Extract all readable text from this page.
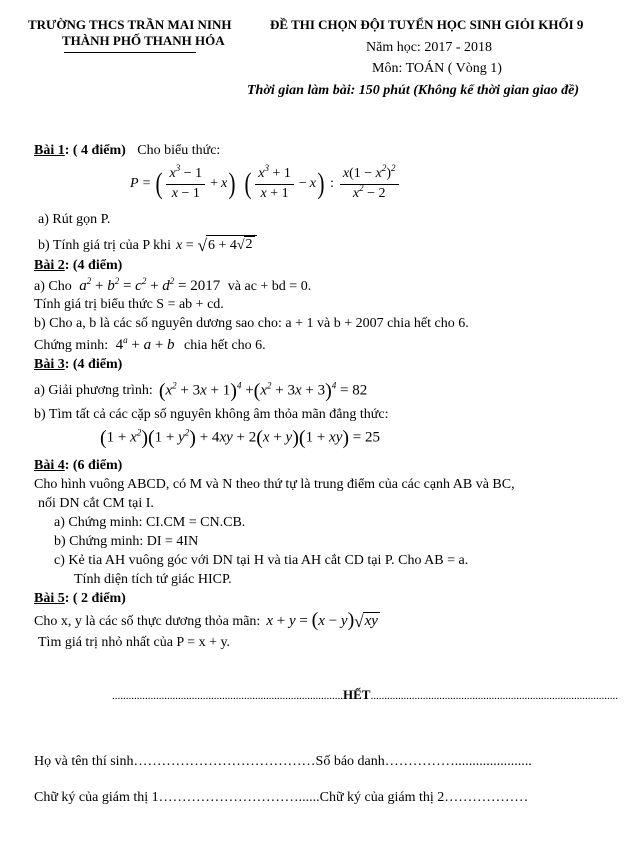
TRƯỜNG THCS TRẦN MAI NINH
THÀNH PHỐ THANH HÓA
ĐỀ THI CHỌN ĐỘI TUYỂN HỌC SINH GIỎI KHỐI 9
Năm học: 2017 - 2018
Môn: TOÁN ( Vòng 1)
Thời gian làm bài: 150 phút (Không kể thời gian giao đề)
Bài 1: ( 4 điểm) Cho biểu thức:
P = ( $\frac{x^3 - 1}{x - 1} + x$ ) ( $\frac{x^3 + 1}{x + 1} - x$ ) : $\frac{x(1 - x^2)^2}{x^2 - 2}$
a) Rút gọn P.
b) Tính giá trị của P khi x = √ 6 + 4 √ 2
Bài 2: (4 điểm)
a) Cho $a^2 + b^2 = c^2 + d^2 = 2017$ và ac + bd = 0.
Tính giá trị biểu thức S = ab + cd.
b) Cho a, b là các số nguyên dương sao cho: a + 1 và b + 2007 chia hết cho 6.
Chứng minh: $4^a + a + b$ chia hết cho 6.
Bài 3: (4 điểm)
a) Giải phương trình: $(x^2 + 3x + 1)^4 +(x^2 + 3x + 3)^4 = 82$
b) Tìm tất cả các cặp số nguyên không âm thỏa mãn đẳng thức:
$(1 + x^2)(1 + y^2) + 4xy + 2(x + y)(1 + xy) = 25$
Bài 4: (6 điểm)
Cho hình vuông ABCD, có M và N theo thứ tự là trung điểm của các cạnh AB và BC,
nối DN cắt CM tại I.
a) Chứng minh: CI.CM = CN.CB.
b) Chứng minh: DI = 4IN
c) Kẻ tia AH vuông góc với DN tại H và tia AH cắt CD tại P. Cho AB = a.
Tính diện tích tứ giác HICP.
Bài 5: ( 2 điểm)
Cho x, y là các số thực dương thỏa mãn: x + y =
( x − y ) √ xy
Tìm giá trị nhỏ nhất của P = x + y.
....................................................................................HẾT..........................................................................................
Họ và tên thí sinh…………………………………Số báo danh……………......................
Chữ ký của giám thị 1…………………………......Chữ ký của giám thị 2………………
